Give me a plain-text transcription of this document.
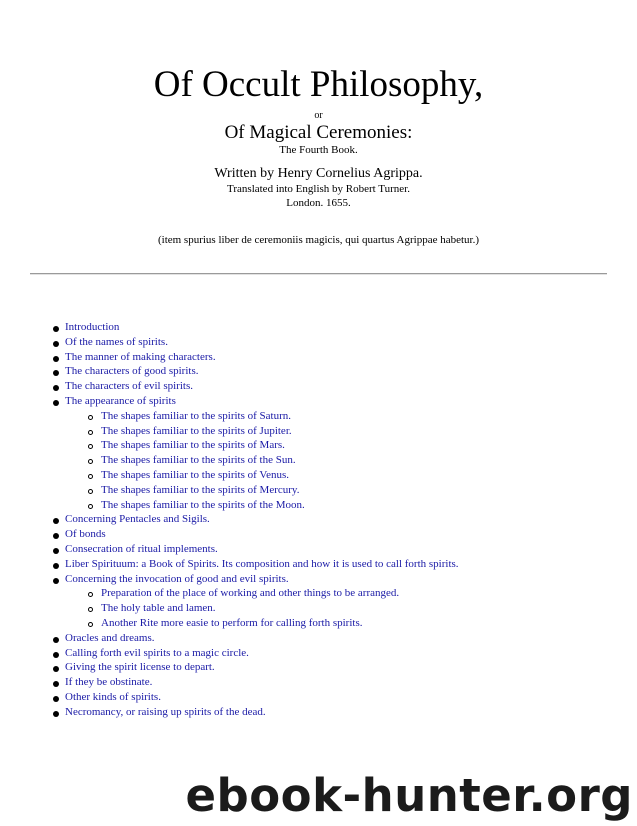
Of Occult Philosophy,
or
Of Magical Ceremonies:
The Fourth Book.
Written by Henry Cornelius Agrippa.
Translated into English by Robert Turner.
London. 1655.
(item spurius liber de ceremoniis magicis, qui quartus Agrippae habetur.)
Introduction
Of the names of spirits.
The manner of making characters.
The characters of good spirits.
The characters of evil spirits.
The appearance of spirits
The shapes familiar to the spirits of Saturn.
The shapes familiar to the spirits of Jupiter.
The shapes familiar to the spirits of Mars.
The shapes familiar to the spirits of the Sun.
The shapes familiar to the spirits of Venus.
The shapes familiar to the spirits of Mercury.
The shapes familiar to the spirits of the Moon.
Concerning Pentacles and Sigils.
Of bonds
Consecration of ritual implements.
Liber Spirituum: a Book of Spirits. Its composition and how it is used to call forth spirits.
Concerning the invocation of good and evil spirits.
Preparation of the place of working and other things to be arranged.
The holy table and lamen.
Another Rite more easie to perform for calling forth spirits.
Oracles and dreams.
Calling forth evil spirits to a magic circle.
Giving the spirit license to depart.
If they be obstinate.
Other kinds of spirits.
Necromancy, or raising up spirits of the dead.
ebook-hunter.org
